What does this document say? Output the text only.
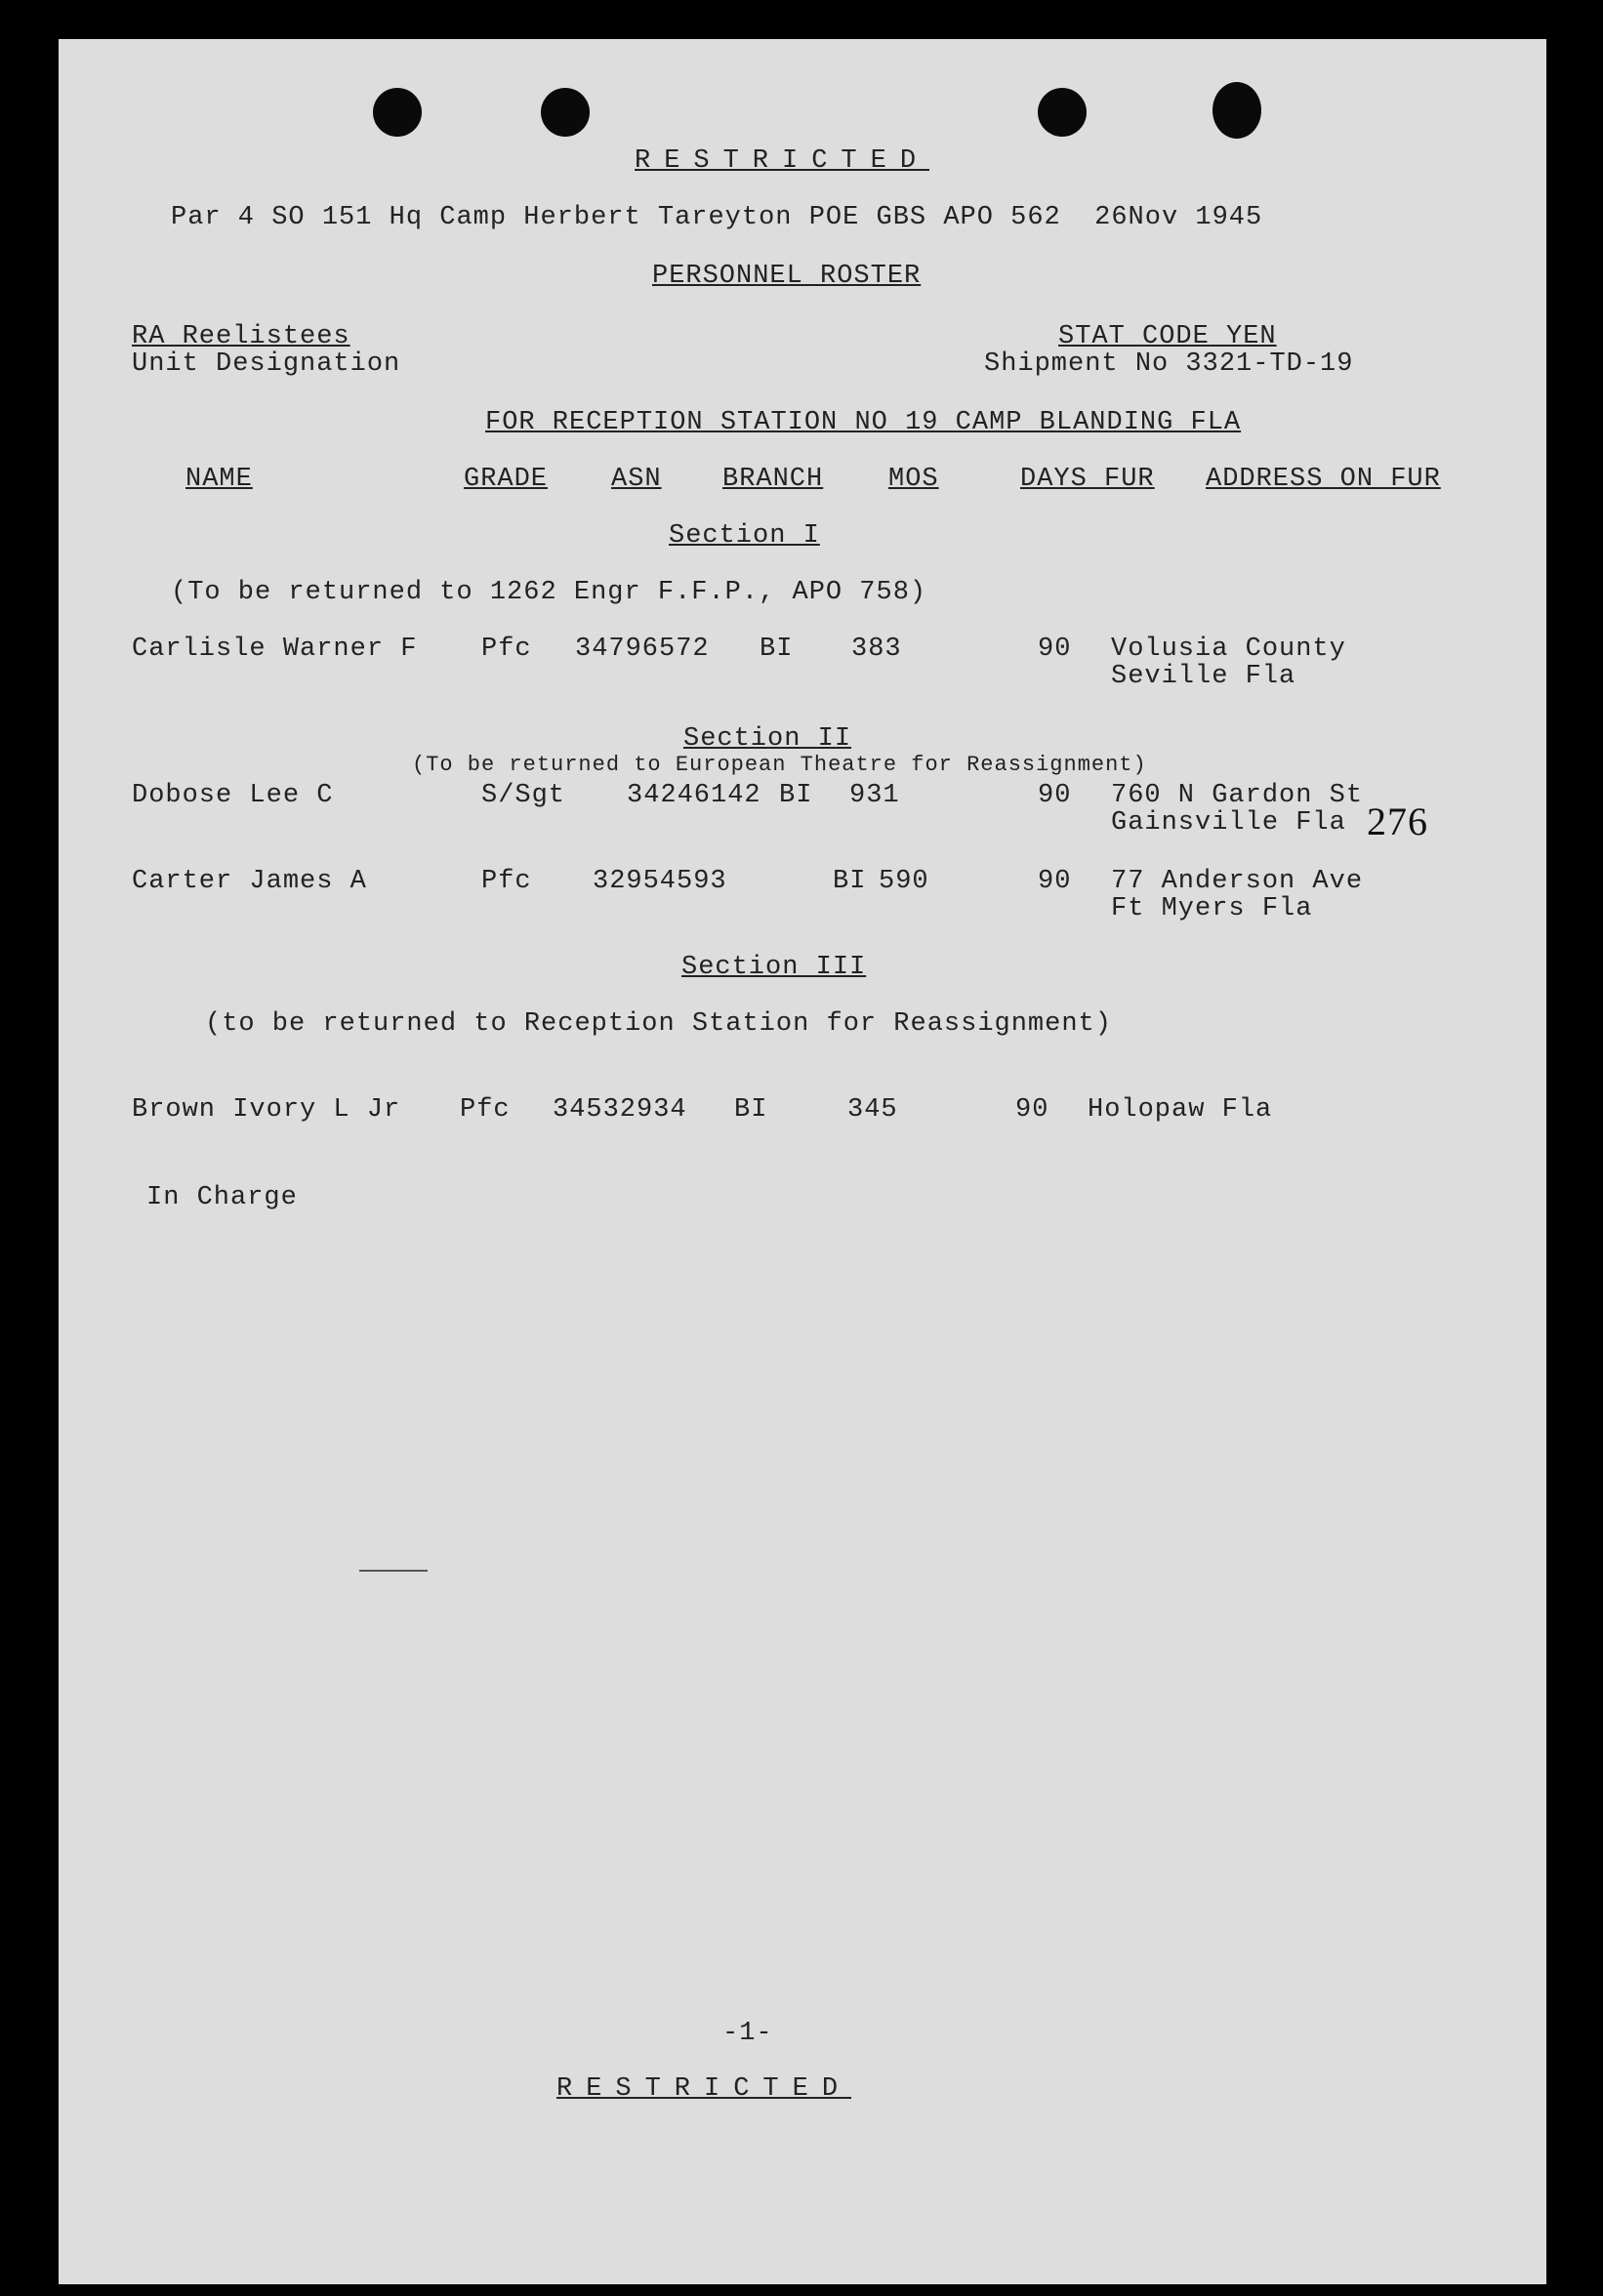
RESTRICTED
Par 4 SO 151 Hq Camp Herbert Tareyton POE GBS APO 562  26Nov 1945
PERSONNEL ROSTER
RA Reelistees
Unit Designation
STAT CODE YEN
Shipment No 3321-TD-19
FOR RECEPTION STATION NO 19 CAMP BLANDING FLA
NAME	GRADE ASN BRANCH MOS	DAYS FUR ADDRESS ON FUR
Section I
(To be returned to 1262 Engr F.F.P., APO 758)
Carlisle Warner F Pfc 34796572 BI 383	90 Volusia County
Seville Fla
Section II
(To be returned to European Theatre for Reassignment)
Dobose Lee C	S/Sgt 34246142 BI 931	90 760 N Gardon St
Gainsville Fla 276
Carter James A	Pfc 32954593	BI 590	90 77 Anderson Ave
Ft Myers Fla
Section III
(to be returned to Reception Station for Reassignment)
Brown Ivory L Jr Pfc 34532934 BI	345	90 Holopaw Fla
In Charge
-1-
RESTRICTED
